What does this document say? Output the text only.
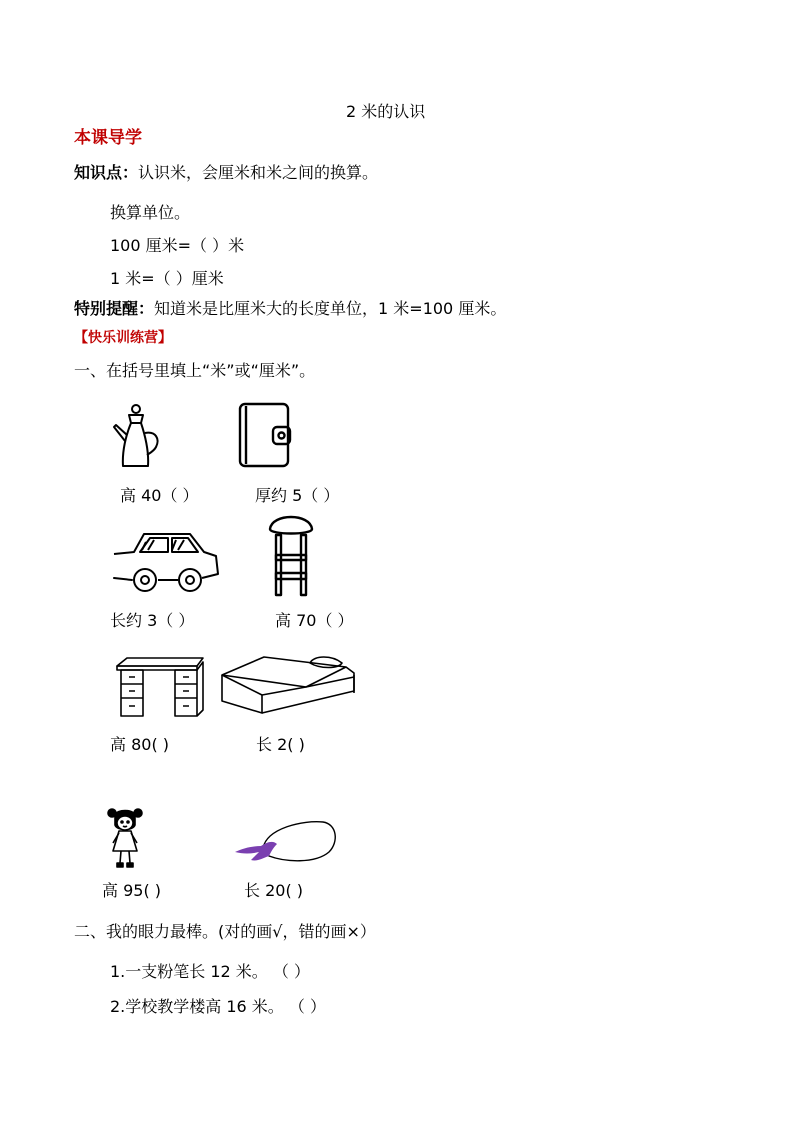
2 米的认识
本课导学
知识点：认识米，会厘米和米之间的换算。
换算单位。
100 厘米=（ ）米
1 米=（ ）厘米
特别提醒：知道米是比厘米大的长度单位，1 米=100 厘米。
【快乐训练营】
一、在括号里填上“米”或“厘米”。
高 40（ ）	厚约 5（ ）
长约 3（ ）	高 70（ ）
高 80( )	长 2( )
高 95( )	长 20( )
二、我的眼力最棒。(对的画√，错的画×）
1.一支粉笔长 12 米。 （ ）
2.学校教学楼高 16 米。 （ ）
